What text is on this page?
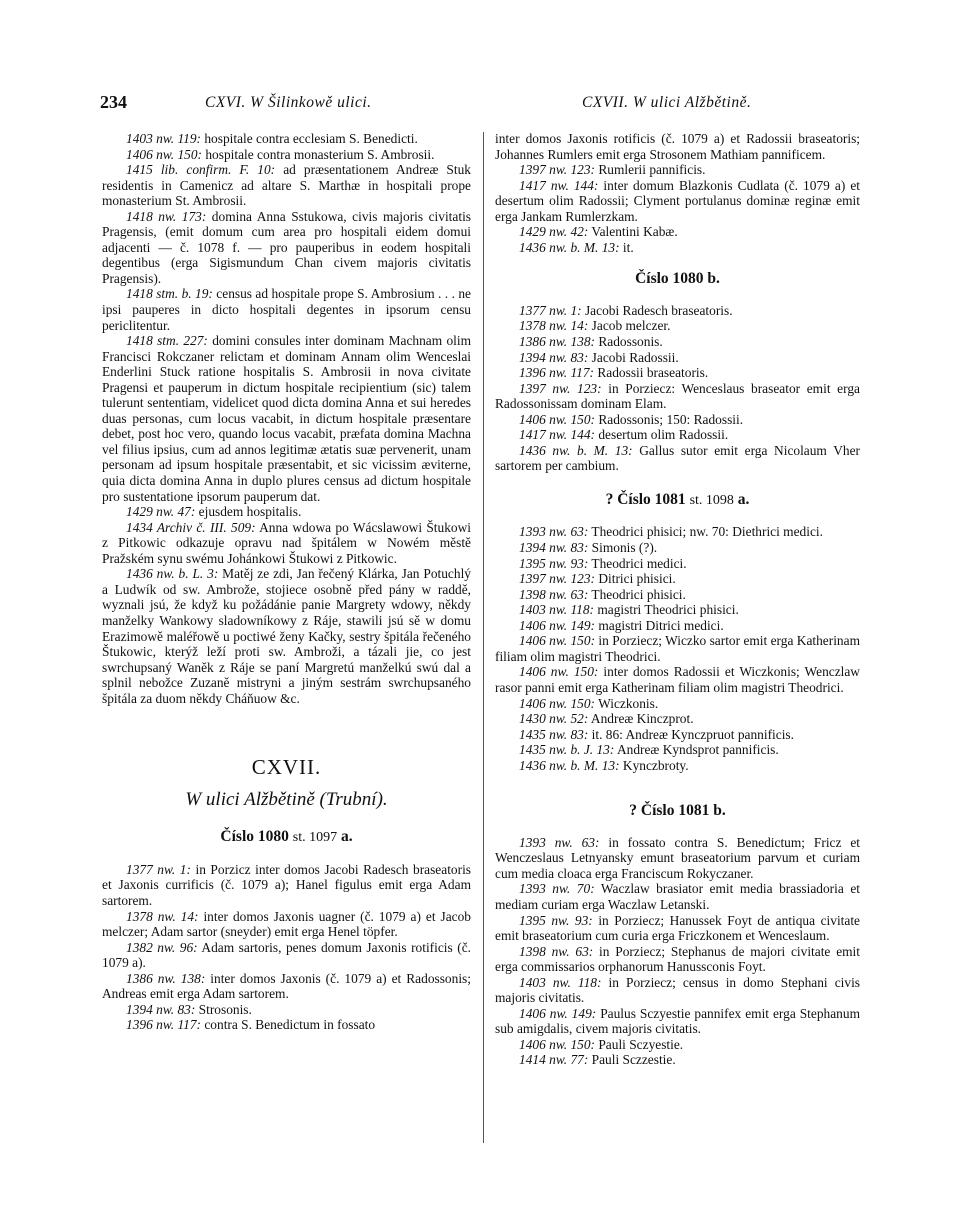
234	CXVI. W Šilinkowě ulici.	CXVII. W ulici Alžbětině.

1403 nw. 119: hospitale contra ecclesiam S. Benedicti.

1406 nw. 150: hospitale contra monasterium S. Ambrosii.

1415 lib. confirm. F. 10: ad præsentationem Andreæ Stuk residentis in Camenicz ad altare S. Marthæ in hospitali prope monasterium St. Ambrosii.

1418 nw. 173: domina Anna Sstukowa, civis majoris civitatis Pragensis, (emit domum cum area pro hospitali eidem domui adjacenti — č. 1078 f. — pro pauperibus in eodem hospitali degentibus (erga Sigismundum Chan civem majoris civitatis Pragensis).

1418 stm. b. 19: census ad hospitale prope S. Ambrosium . . . ne ipsi pauperes in dicto hospitali degentes in ipsorum censu periclitentur.

1418 stm. 227: domini consules inter dominam Machnam olim Francisci Rokczaner relictam et dominam Annam olim Wenceslai Enderlini Stuck ratione hospitalis S. Ambrosii in nova civitate Pragensi et pauperum in dictum hospitale recipientium (sic) talem tulerunt sententiam, videlicet quod dicta domina Anna et sui heredes duas personas, cum locus vacabit, in dictum hospitale præsentare debet, post hoc vero, quando locus vacabit, præfata domina Machna vel filius ipsius, cum ad annos legitimæ ætatis suæ pervenerit, unam personam ad ipsum hospitale præsentabit, et sic vicissim æviterne, quia dicta domina Anna in duplo plures census ad dictum hospitale pro sustentatione ipsorum pauperum dat.

1429 nw. 47: ejusdem hospitalis.

1434 Archiv č. III. 509: Anna wdowa po Wácslawowi Štukowi z Pitkowic odkazuje opravu nad špitálem w Nowém městě Pražském synu swému Johánkowi Štukowi z Pitkowic.

1436 nw. b. L. 3: Matěj ze zdi, Jan řečený Klárka, Jan Potuchlý a Ludwík od sw. Ambrože, stojiece osobně před pány w raddě, wyznali jsú, že když ku požádánie panie Margrety wdowy, někdy manželky Wankowy sladowníkowy z Ráje, stawili jsú sě w domu Erazimowě maléřowě u poctiwé ženy Kačky, sestry špitála řečeného Štukowic, kterýž leží proti sw. Ambroži, a tázali jie, co jest swrchupsaný Waněk z Ráje se paní Margretú manželkú swú dal a splnil nebožce Zuzaně mistryni a jiným sestrám swrchupsaného špitála za duom někdy Cháňuow &c.

CXVII.
W ulici Alžbětině (Trubní).
Číslo 1080 st. 1097 a.

1377 nw. 1: in Porzicz inter domos Jacobi Radesch braseatoris et Jaxonis currificis (č. 1079 a); Hanel figulus emit erga Adam sartorem.

1378 nw. 14: inter domos Jaxonis uagner (č. 1079 a) et Jacob melczer; Adam sartor (sneyder) emit erga Henel töpfer.

1382 nw. 96: Adam sartoris, penes domum Jaxonis rotificis (č. 1079 a).

1386 nw. 138: inter domos Jaxonis (č. 1079 a) et Radossonis; Andreas emit erga Adam sartorem.

1394 nw. 83: Strosonis.

1396 nw. 117: contra S. Benedictum in fossato

inter domos Jaxonis rotificis (č. 1079 a) et Radossii braseatoris; Johannes Rumlers emit erga Strosonem Mathiam pannificem.

1397 nw. 123: Rumlerii pannificis.

1417 nw. 144: inter domum Blazkonis Cudlata (č. 1079 a) et desertum olim Radossii; Clyment portulanus dominæ reginæ emit erga Jankam Rumlerzkam.

1429 nw. 42: Valentini Kabæ.

1436 nw. b. M. 13: it.

Číslo 1080 b.

1377 nw. 1: Jacobi Radesch braseatoris.

1378 nw. 14: Jacob melczer.

1386 nw. 138: Radossonis.

1394 nw. 83: Jacobi Radossii.

1396 nw. 117: Radossii braseatoris.

1397 nw. 123: in Porziecz: Wenceslaus braseator emit erga Radossonissam dominam Elam.

1406 nw. 150: Radossonis; 150: Radossii.

1417 nw. 144: desertum olim Radossii.

1436 nw. b. M. 13: Gallus sutor emit erga Nicolaum Vher sartorem per cambium.

? Číslo 1081 st. 1098 a.

1393 nw. 63: Theodrici phisici; nw. 70: Diethrici medici.

1394 nw. 83: Simonis (?).

1395 nw. 93: Theodrici medici.

1397 nw. 123: Ditrici phisici.

1398 nw. 63: Theodrici phisici.

1403 nw. 118: magistri Theodrici phisici.

1406 nw. 149: magistri Ditrici medici.

1406 nw. 150: in Porziecz; Wiczko sartor emit erga Katherinam filiam olim magistri Theodrici.

1406 nw. 150: inter domos Radossii et Wiczkonis; Wenczlaw rasor panni emit erga Katherinam filiam olim magistri Theodrici.

1406 nw. 150: Wiczkonis.

1430 nw. 52: Andreæ Kinczprot.

1435 nw. 83: it. 86: Andreæ Kynczpruot pannificis.

1435 nw. b. J. 13: Andreæ Kyndsprot pannificis.

1436 nw. b. M. 13: Kynczbroty.

? Číslo 1081 b.

1393 nw. 63: in fossato contra S. Benedictum; Fricz et Wenczeslaus Letnyansky emunt braseatorium parvum et curiam cum media cloaca erga Franciscum Rokyczaner.

1393 nw. 70: Waczlaw brasiator emit media brassiadoria et mediam curiam erga Waczlaw Letanski.

1395 nw. 93: in Porziecz; Hanussek Foyt de antiqua civitate emit braseatorium cum curia erga Friczkonem et Wenceslaum.

1398 nw. 63: in Porziecz; Stephanus de majori civitate emit erga commissarios orphanorum Hanussconis Foyt.

1403 nw. 118: in Porziecz; census in domo Stephani civis majoris civitatis.

1406 nw. 149: Paulus Sczyestie pannifex emit erga Stephanum sub amigdalis, civem majoris civitatis.

1406 nw. 150: Pauli Sczyestie.

1414 nw. 77: Pauli Sczzestie.
